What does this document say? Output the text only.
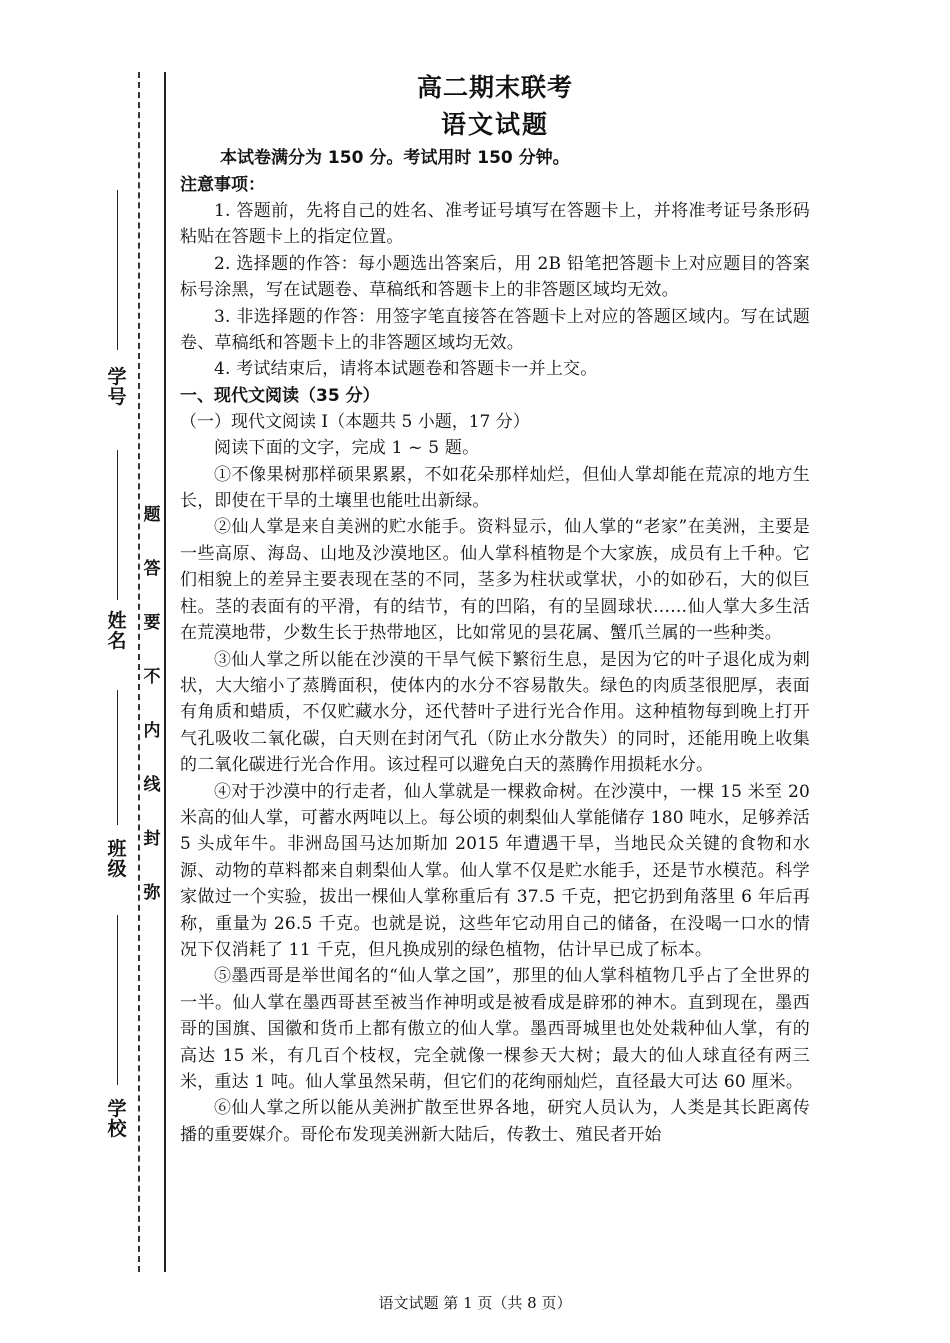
学
号
姓
名
班
级
学
校
题
答
要
不
内
线
封
弥
高二期末联考
语文试题

本试卷满分为 150 分。考试用时 150 分钟。

注意事项：

1. 答题前，先将自己的姓名、准考证号填写在答题卡上，并将准考证号条形码粘贴在答题卡上的指定位置。

2. 选择题的作答：每小题选出答案后，用 2B 铅笔把答题卡上对应题目的答案标号涂黑，写在试题卷、草稿纸和答题卡上的非答题区域均无效。

3. 非选择题的作答：用签字笔直接答在答题卡上对应的答题区域内。写在试题卷、草稿纸和答题卡上的非答题区域均无效。

4. 考试结束后，请将本试题卷和答题卡一并上交。

一、现代文阅读（35 分）

（一）现代文阅读 Ⅰ（本题共 5 小题，17 分）

阅读下面的文字，完成 1 ~ 5 题。

①不像果树那样硕果累累，不如花朵那样灿烂，但仙人掌却能在荒凉的地方生长，即使在干旱的土壤里也能吐出新绿。

②仙人掌是来自美洲的贮水能手。资料显示，仙人掌的“老家”在美洲，主要是一些高原、海岛、山地及沙漠地区。仙人掌科植物是个大家族，成员有上千种。它们相貌上的差异主要表现在茎的不同，茎多为柱状或掌状，小的如砂石，大的似巨柱。茎的表面有的平滑，有的结节，有的凹陷，有的呈圆球状……仙人掌大多生活在荒漠地带，少数生长于热带地区，比如常见的昙花属、蟹爪兰属的一些种类。

③仙人掌之所以能在沙漠的干旱气候下繁衍生息，是因为它的叶子退化成为刺状，大大缩小了蒸腾面积，使体内的水分不容易散失。绿色的肉质茎很肥厚，表面有角质和蜡质，不仅贮藏水分，还代替叶子进行光合作用。这种植物每到晚上打开气孔吸收二氧化碳，白天则在封闭气孔（防止水分散失）的同时，还能用晚上收集的二氧化碳进行光合作用。该过程可以避免白天的蒸腾作用损耗水分。

④对于沙漠中的行走者，仙人掌就是一棵救命树。在沙漠中，一棵 15 米至 20 米高的仙人掌，可蓄水两吨以上。每公顷的刺梨仙人掌能储存 180 吨水，足够养活 5 头成年牛。非洲岛国马达加斯加 2015 年遭遇干旱，当地民众关键的食物和水源、动物的草料都来自刺梨仙人掌。仙人掌不仅是贮水能手，还是节水模范。科学家做过一个实验，拔出一棵仙人掌称重后有 37.5 千克，把它扔到角落里 6 年后再称，重量为 26.5 千克。也就是说，这些年它动用自己的储备，在没喝一口水的情况下仅消耗了 11 千克，但凡换成别的绿色植物，估计早已成了标本。

⑤墨西哥是举世闻名的“仙人掌之国”，那里的仙人掌科植物几乎占了全世界的一半。仙人掌在墨西哥甚至被当作神明或是被看成是辟邪的神木。直到现在，墨西哥的国旗、国徽和货币上都有傲立的仙人掌。墨西哥城里也处处栽种仙人掌，有的高达 15 米，有几百个枝杈，完全就像一棵参天大树；最大的仙人球直径有两三米，重达 1 吨。仙人掌虽然呆萌，但它们的花绚丽灿烂，直径最大可达 60 厘米。

⑥仙人掌之所以能从美洲扩散至世界各地，研究人员认为，人类是其长距离传播的重要媒介。哥伦布发现美洲新大陆后，传教士、殖民者开始

语文试题 第 1 页（共 8 页）
